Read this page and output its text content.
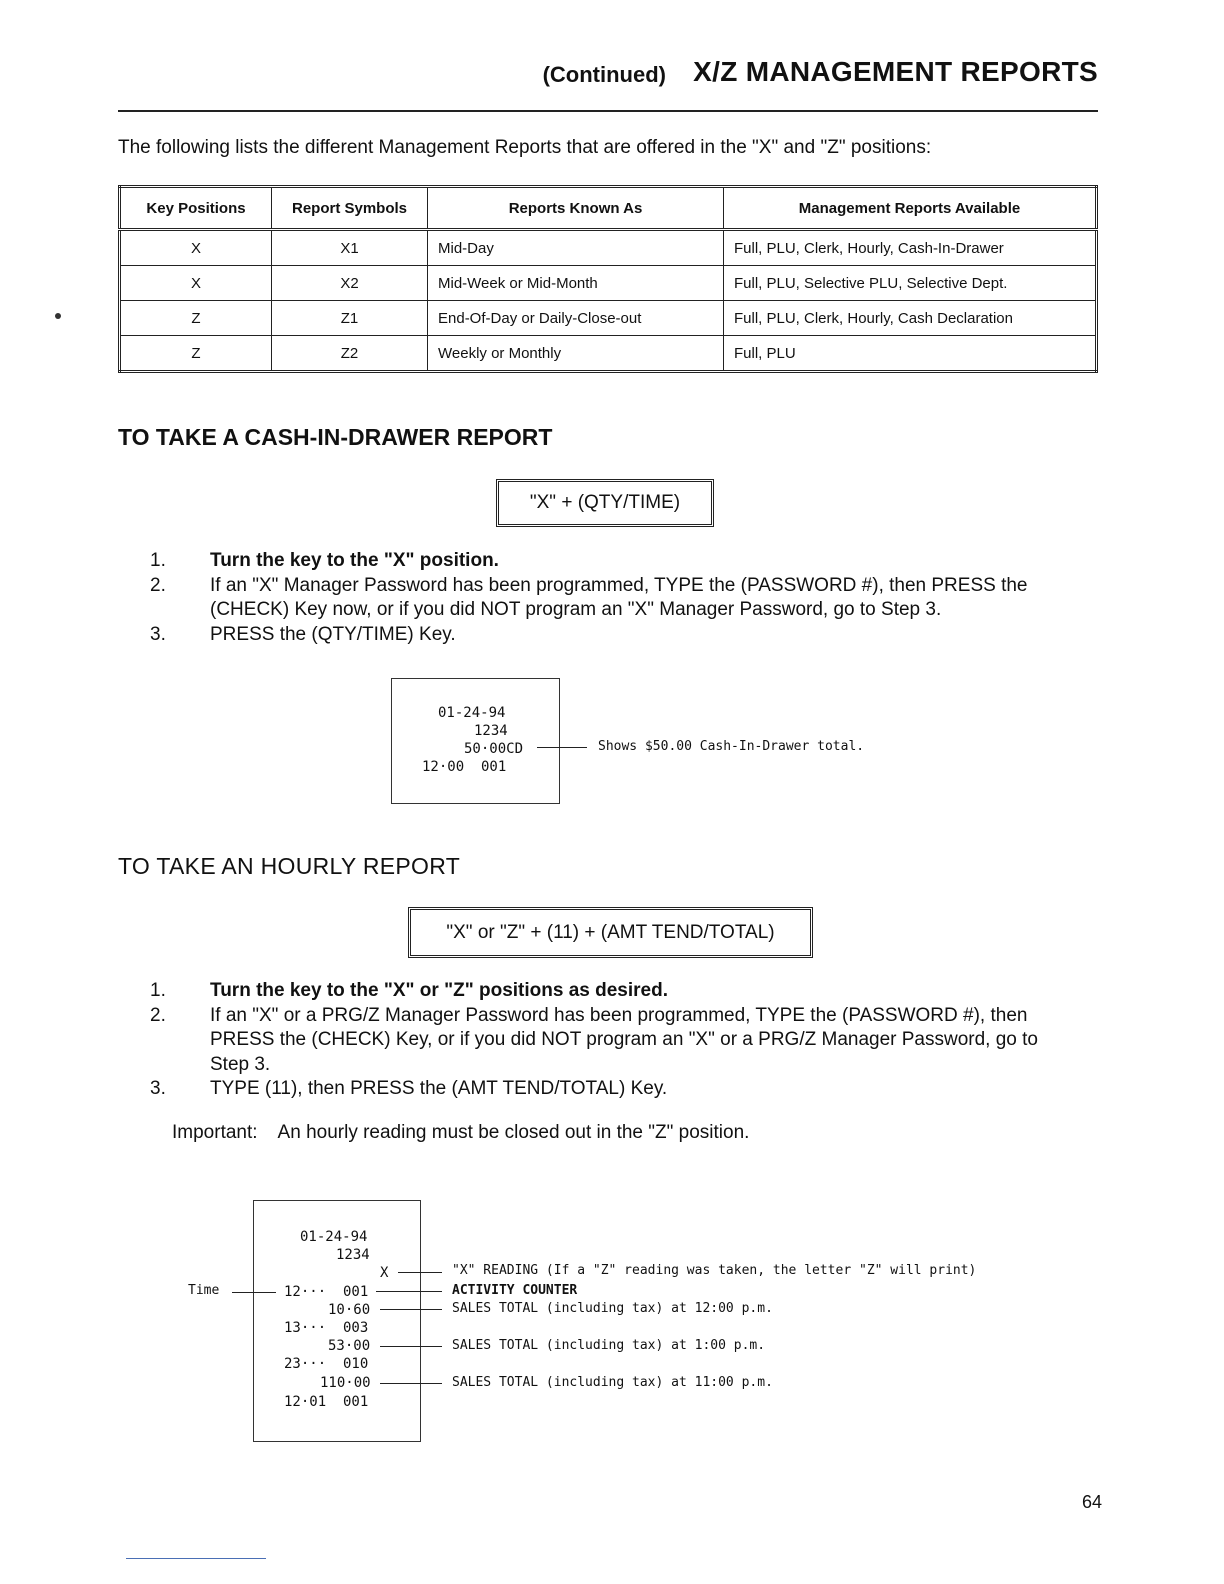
(Continued) X/Z MANAGEMENT REPORTS
The following lists the different Management Reports that are offered in the "X" and "Z" positions:
Key Positions	Report Symbols	Reports Known As	Management Reports Available
X	X1	Mid-Day	Full, PLU, Clerk, Hourly, Cash-In-Drawer
X	X2	Mid-Week or Mid-Month	Full, PLU, Selective PLU, Selective Dept.
Z	Z1	End-Of-Day or Daily-Close-out	Full, PLU, Clerk, Hourly, Cash Declaration
Z	Z2	Weekly or Monthly	Full, PLU
TO TAKE A CASH-IN-DRAWER REPORT
"X" + (QTY/TIME)
1.	Turn the key to the "X" position.
2.	If an "X" Manager Password has been programmed, TYPE the (PASSWORD #), then PRESS the (CHECK) Key now, or if you did NOT program an "X" Manager Password, go to Step 3.
3.	PRESS the (QTY/TIME) Key.
01-24-94
1234
50·00CD
12·00  001
Shows $50.00 Cash-In-Drawer total.
TO TAKE AN HOURLY REPORT
"X" or "Z" + (11) + (AMT TEND/TOTAL)
1.	Turn the key to the "X" or "Z" positions as desired.
2.	If an "X" or a PRG/Z Manager Password has been programmed, TYPE the (PASSWORD #), then PRESS the (CHECK) Key, or if you did NOT program an "X" or a PRG/Z Manager Password, go to Step 3.
3.	TYPE (11), then PRESS the (AMT TEND/TOTAL) Key.
Important: An hourly reading must be closed out in the "Z" position.
01-24-94
1234
X
12···  001
10·60
13···  003
53·00
23···  010
110·00
12·01  001
Time
"X" READING (If a "Z" reading was taken, the letter "Z" will print)
ACTIVITY COUNTER
SALES TOTAL (including tax) at 12:00 p.m.
SALES TOTAL (including tax) at 1:00 p.m.
SALES TOTAL (including tax) at 11:00 p.m.
64
